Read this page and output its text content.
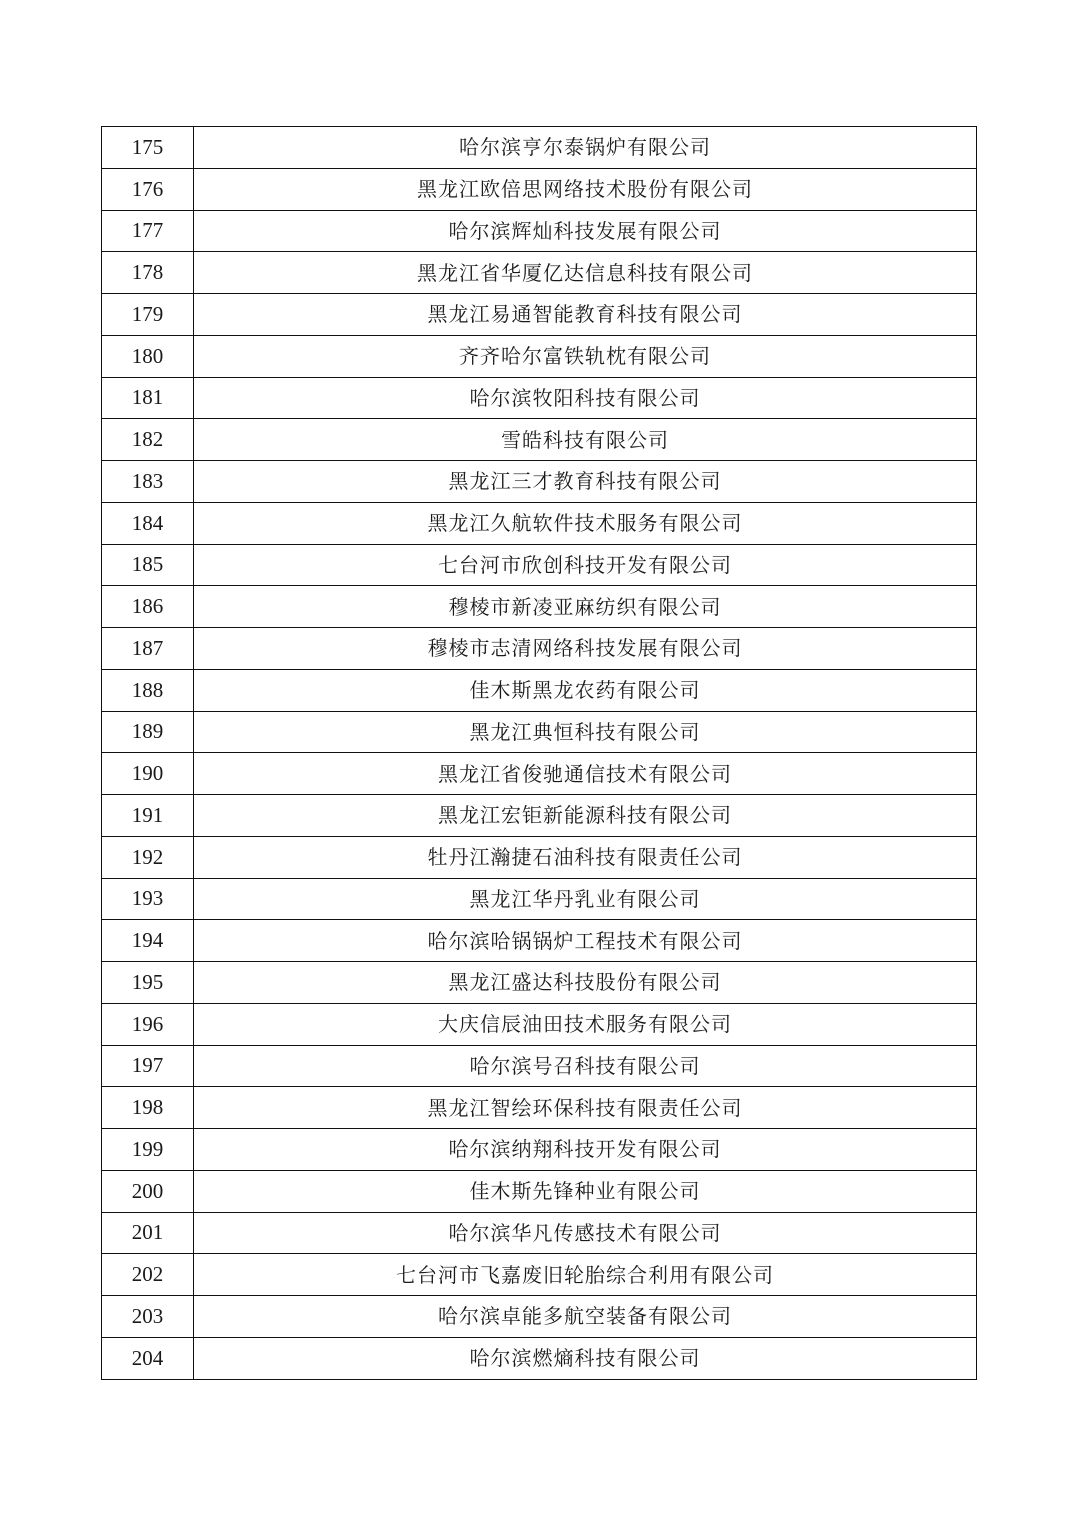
175	哈尔滨亨尔泰锅炉有限公司
176	黑龙江欧倍思网络技术股份有限公司
177	哈尔滨辉灿科技发展有限公司
178	黑龙江省华厦亿达信息科技有限公司
179	黑龙江易通智能教育科技有限公司
180	齐齐哈尔富铁轨枕有限公司
181	哈尔滨牧阳科技有限公司
182	雪皓科技有限公司
183	黑龙江三才教育科技有限公司
184	黑龙江久航软件技术服务有限公司
185	七台河市欣创科技开发有限公司
186	穆棱市新凌亚麻纺织有限公司
187	穆棱市志清网络科技发展有限公司
188	佳木斯黑龙农药有限公司
189	黑龙江典恒科技有限公司
190	黑龙江省俊驰通信技术有限公司
191	黑龙江宏钜新能源科技有限公司
192	牡丹江瀚捷石油科技有限责任公司
193	黑龙江华丹乳业有限公司
194	哈尔滨哈锅锅炉工程技术有限公司
195	黑龙江盛达科技股份有限公司
196	大庆信辰油田技术服务有限公司
197	哈尔滨号召科技有限公司
198	黑龙江智绘环保科技有限责任公司
199	哈尔滨纳翔科技开发有限公司
200	佳木斯先锋种业有限公司
201	哈尔滨华凡传感技术有限公司
202	七台河市飞嘉废旧轮胎综合利用有限公司
203	哈尔滨卓能多航空装备有限公司
204	哈尔滨燃熵科技有限公司
